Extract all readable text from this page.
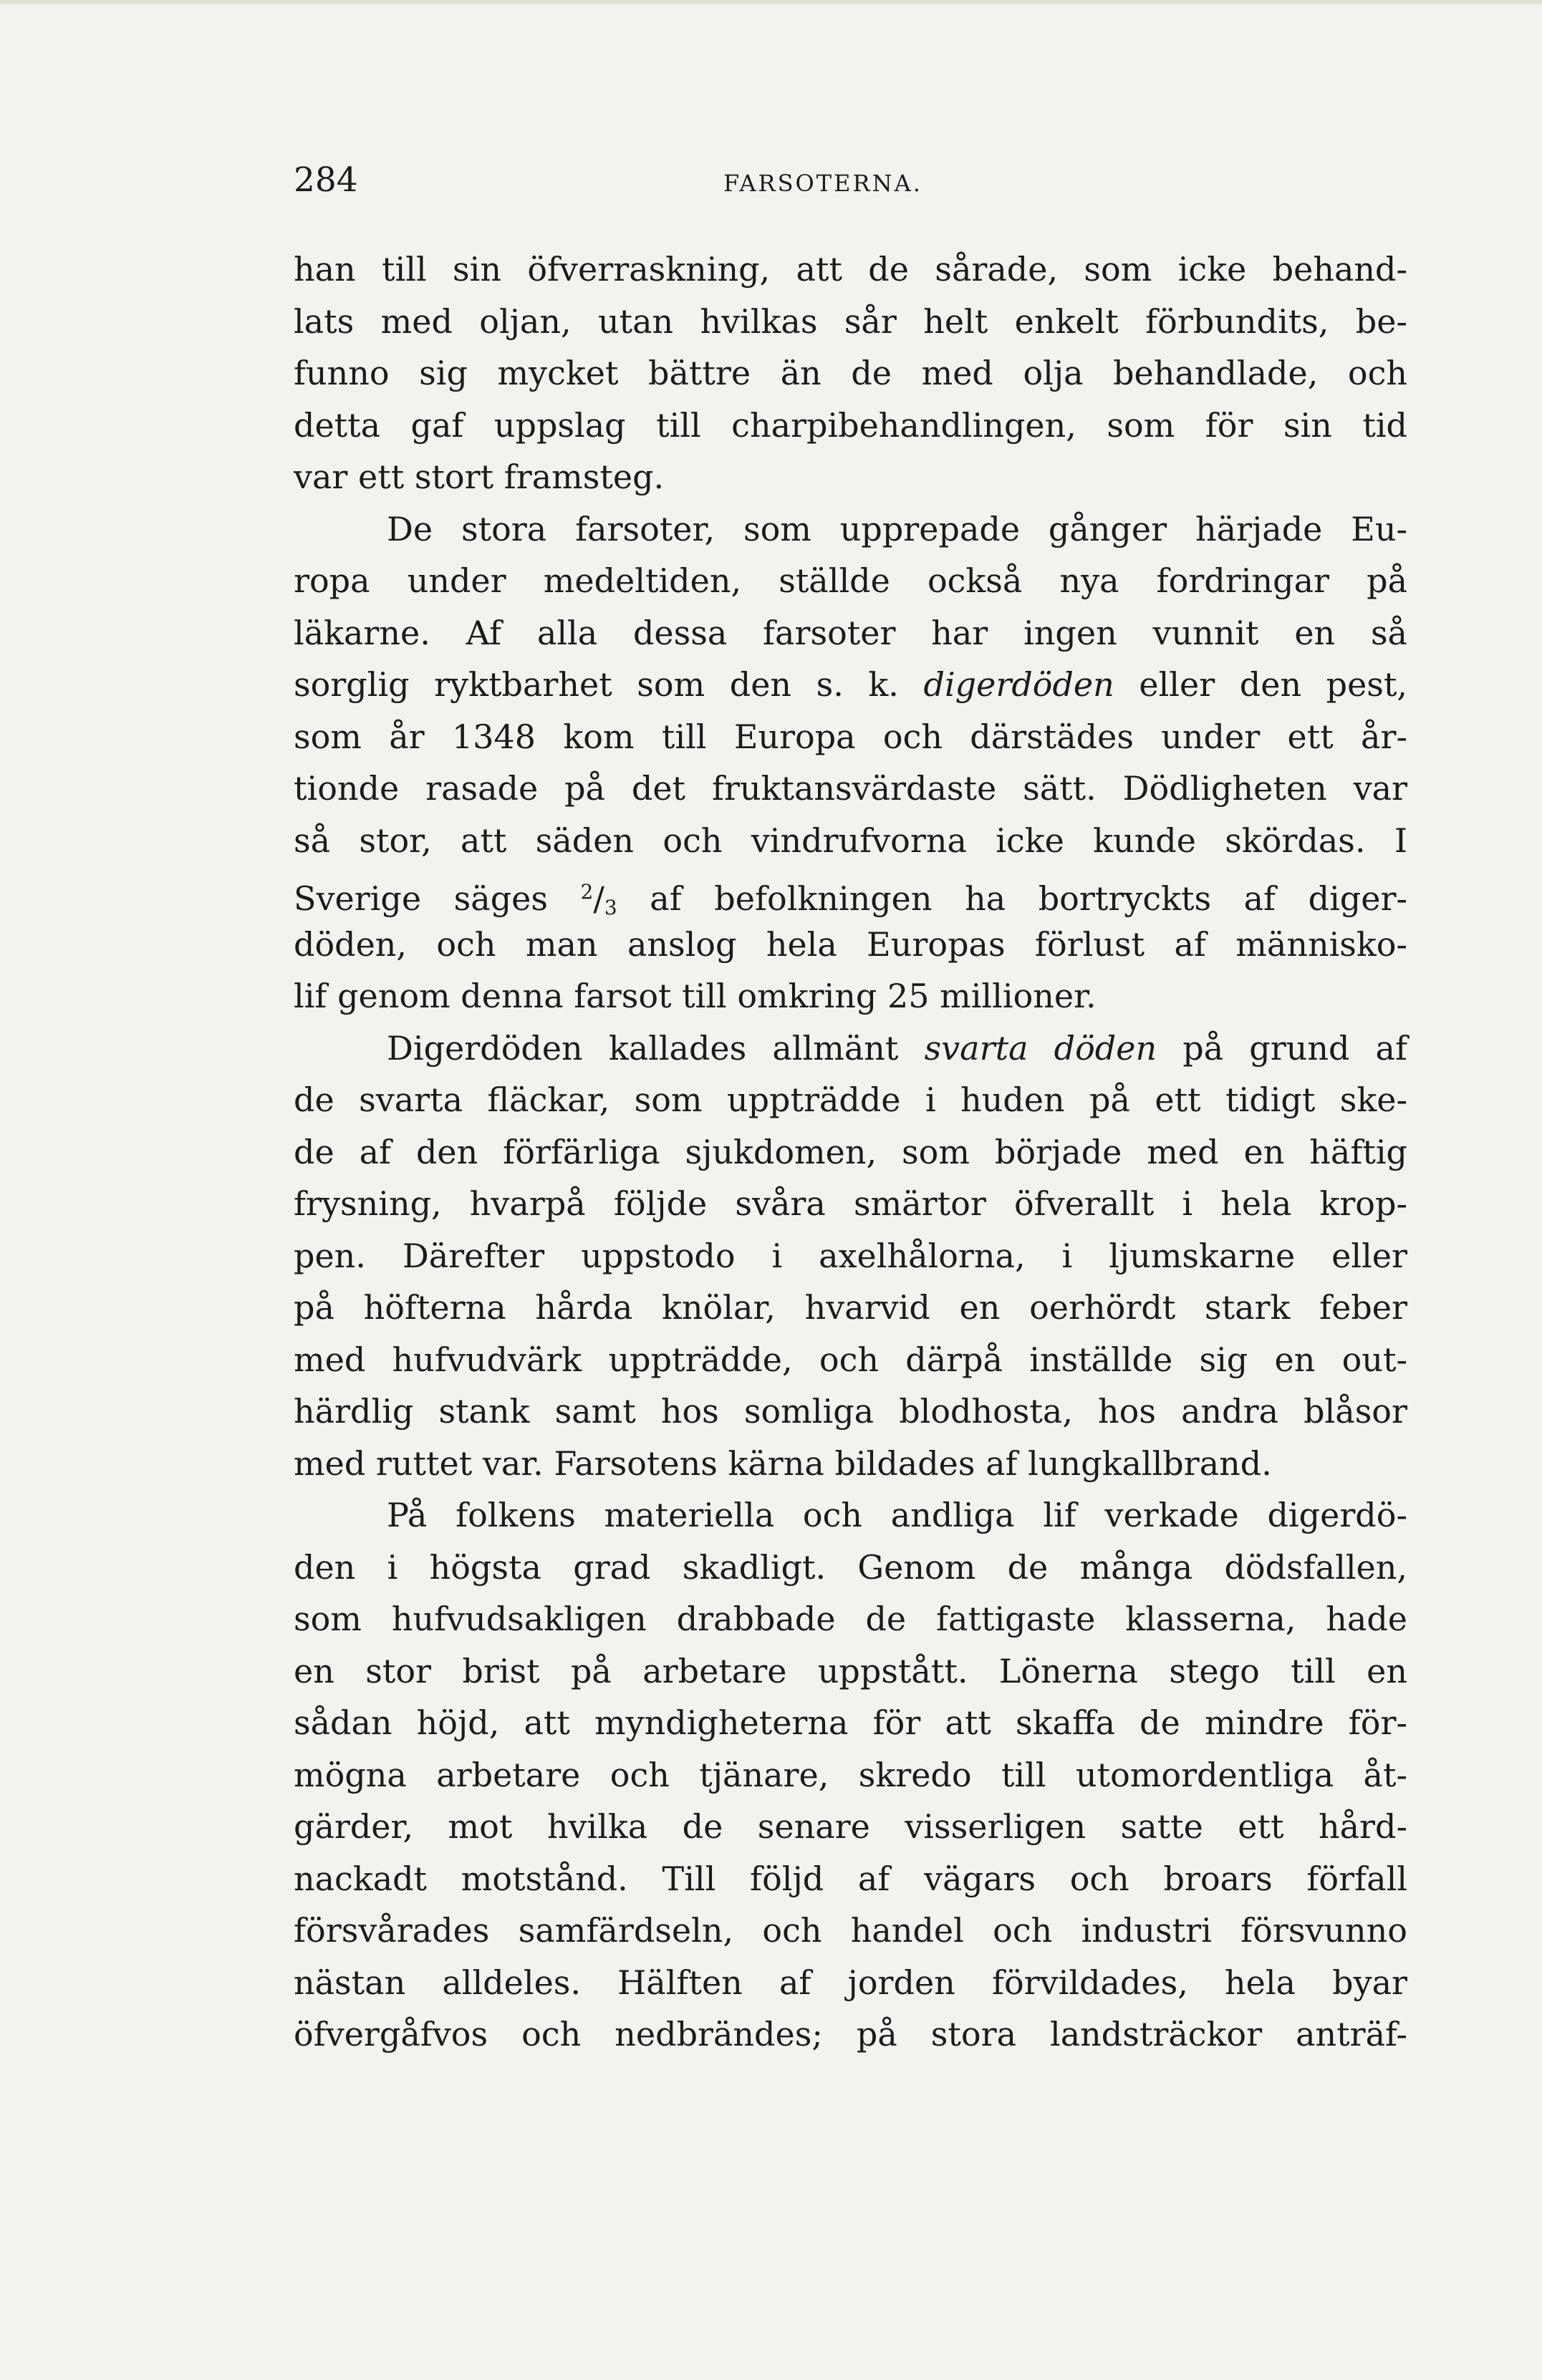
284	FARSOTERNA.
han till sin öfverraskning, att de sårade, som icke behand-
lats med oljan, utan hvilkas sår helt enkelt förbundits, be-
funno sig mycket bättre än de med olja behandlade, och
detta gaf uppslag till charpibehandlingen, som för sin tid
var ett stort framsteg.
De stora farsoter, som upprepade gånger härjade Eu-
ropa under medeltiden, ställde också nya fordringar på
läkarne. Af alla dessa farsoter har ingen vunnit en så
sorglig ryktbarhet som den s. k. digerdöden eller den pest,
som år 1348 kom till Europa och därstädes under ett år-
tionde rasade på det fruktansvärdaste sätt. Dödligheten var
så stor, att säden och vindrufvorna icke kunde skördas. I
Sverige säges $^2/_3$ af befolkningen ha bortryckts af diger-
döden, och man anslog hela Europas förlust af människo-
lif genom denna farsot till omkring 25 millioner.
Digerdöden kallades allmänt svarta döden på grund af
de svarta fläckar, som uppträdde i huden på ett tidigt ske-
de af den förfärliga sjukdomen, som började med en häftig
frysning, hvarpå följde svåra smärtor öfverallt i hela krop-
pen. Därefter uppstodo i axelhålorna, i ljumskarne eller
på höfterna hårda knölar, hvarvid en oerhördt stark feber
med hufvudvärk uppträdde, och därpå inställde sig en out-
härdlig stank samt hos somliga blodhosta, hos andra blåsor
med ruttet var. Farsotens kärna bildades af lungkallbrand.
På folkens materiella och andliga lif verkade digerdö-
den i högsta grad skadligt. Genom de många dödsfallen,
som hufvudsakligen drabbade de fattigaste klasserna, hade
en stor brist på arbetare uppstått. Lönerna stego till en
sådan höjd, att myndigheterna för att skaffa de mindre för-
mögna arbetare och tjänare, skredo till utomordentliga åt-
gärder, mot hvilka de senare visserligen satte ett hård-
nackadt motstånd. Till följd af vägars och broars förfall
försvårades samfärdseln, och handel och industri försvunno
nästan alldeles. Hälften af jorden förvildades, hela byar
öfvergåfvos och nedbrändes; på stora landsträckor anträf-
